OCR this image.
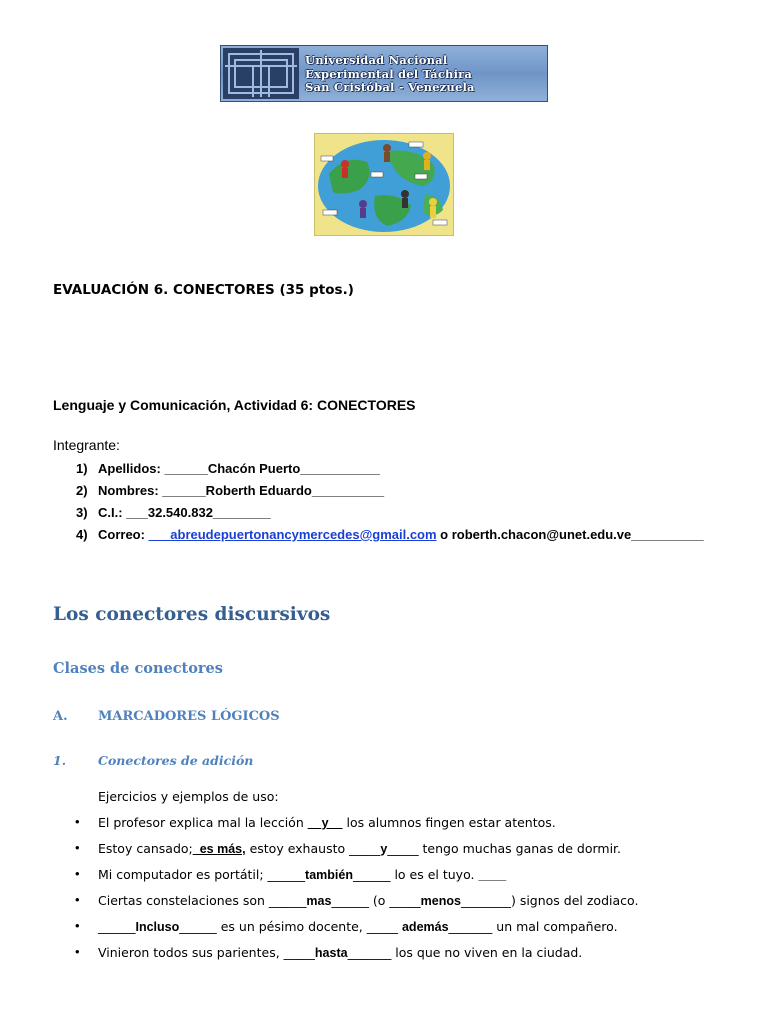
Universidad Nacional
Experimental del Táchira
San Cristóbal - Venezuela
EVALUACIÓN 6. CONECTORES (35 ptos.)
Lenguaje y Comunicación, Actividad 6: CONECTORES
Integrante:
1) Apellidos: ______Chacón Puerto___________
2) Nombres: ______Roberth Eduardo__________
3) C.I.: ___32.540.832________
4) Correo: ___abreudepuertonancymercedes@gmail.com o roberth.chacon@unet.edu.ve__________
Los conectores discursivos
Clases de conectores
A. MARCADORES LÓGICOS
1.	Conectores de adición
Ejercicios y ejemplos de uso:
• El profesor explica mal la lección __y__ los alumnos fingen estar atentos.
• Estoy cansado;_es más, estoy exhausto _____y_____ tengo muchas ganas de dormir.
• Mi computador es portátil; ______también______ lo es el tuyo. ____
• Ciertas constelaciones son ______mas______ (o _____menos________) signos del zodiaco.
• ______Incluso______ es un pésimo docente, _____ además_______ un mal compañero.
• Vinieron todos sus parientes, _____hasta_______ los que no viven en la ciudad.
